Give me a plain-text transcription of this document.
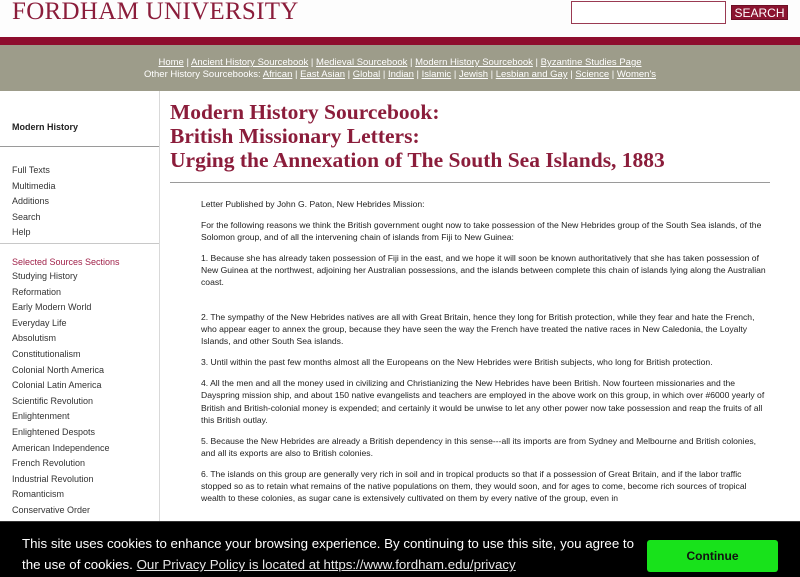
FORDHAM UNIVERSITY	SEARCH
Home | Ancient History Sourcebook | Medieval Sourcebook | Modern History Sourcebook | Byzantine Studies Page
Other History Sourcebooks: African | East Asian | Global | Indian | Islamic | Jewish | Lesbian and Gay | Science | Women's
Modern History
Full Texts
Multimedia
Additions
Search
Help
Selected Sources Sections
Studying History
Reformation
Early Modern World
Everyday Life
Absolutism
Constitutionalism
Colonial North America
Colonial Latin America
Scientific Revolution
Enlightenment
Enlightened Despots
American Independence
French Revolution
Industrial Revolution
Romanticism
Conservative Order
Modern History Sourcebook:
British Missionary Letters:
Urging the Annexation of The South Sea Islands, 1883

Letter Published by John G. Paton, New Hebrides Mission:

For the following reasons we think the British government ought now to take possession of the New Hebrides group of the South Sea islands, of the Solomon group, and of all the intervening chain of islands from Fiji to New Guinea:

1. Because she has already taken possession of Fiji in the east, and we hope it will soon be known authoritatively that she has taken possession of New Guinea at the northwest, adjoining her Australian possessions, and the islands between complete this chain of islands lying along the Australian coast.

2. The sympathy of the New Hebrides natives are all with Great Britain, hence they long for British protection, while they fear and hate the French, who appear eager to annex the group, because they have seen the way the French have treated the native races in New Caledonia, the Loyalty Islands, and other South Sea islands.

3. Until within the past few months almost all the Europeans on the New Hebrides were British subjects, who long for British protection.

4. All the men and all the money used in civilizing and Christianizing the New Hebrides have been British. Now fourteen missionaries and the Dayspring mission ship, and about 150 native evangelists and teachers are employed in the above work on this group, in which over #6000 yearly of British and British-colonial money is expended; and certainly it would be unwise to let any other power now take possession and reap the fruits of all this British outlay.

5. Because the New Hebrides are already a British dependency in this sense---all its imports are from Sydney and Melbourne and British colonies, and all its exports are also to British colonies.

6. The islands on this group are generally very rich in soil and in tropical products so that if a possession of Great Britain, and if the labor traffic stopped so as to retain what remains of the native populations on them, they would soon, and for ages to come, become rich sources of tropical wealth to these colonies, as sugar cane is extensively cultivated on them by every native of the group, even in

This site uses cookies to enhance your browsing experience. By continuing to use this site, you agree to the use of cookies. Our Privacy Policy is located at https://www.fordham.edu/privacy
Continue
